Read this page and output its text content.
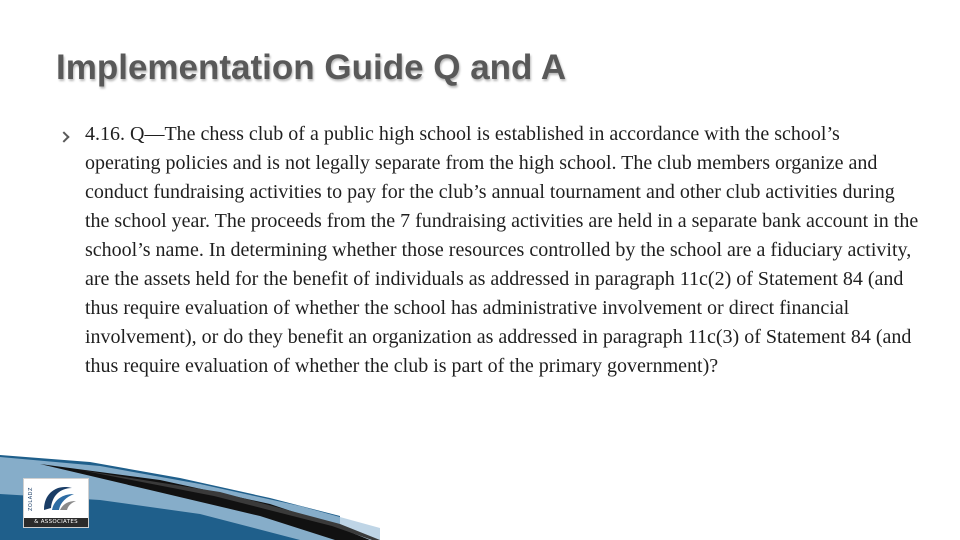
Implementation Guide Q and A

4.16. Q—The chess club of a public high school is established in accordance with the school’s operating policies and is not legally separate from the high school. The club members organize and conduct fundraising activities to pay for the club’s annual tournament and other club activities during the school year. The proceeds from the 7 fundraising activities are held in a separate bank account in the school’s name. In determining whether those resources controlled by the school are a fiduciary activity, are the assets held for the benefit of individuals as addressed in paragraph 11c(2) of Statement 84 (and thus require evaluation of whether the school has administrative involvement or direct financial involvement), or do they benefit an organization as addressed in paragraph 11c(3) of Statement 84 (and thus require evaluation of whether the club is part of the primary government)?

ZOLADZ
& ASSOCIATES
